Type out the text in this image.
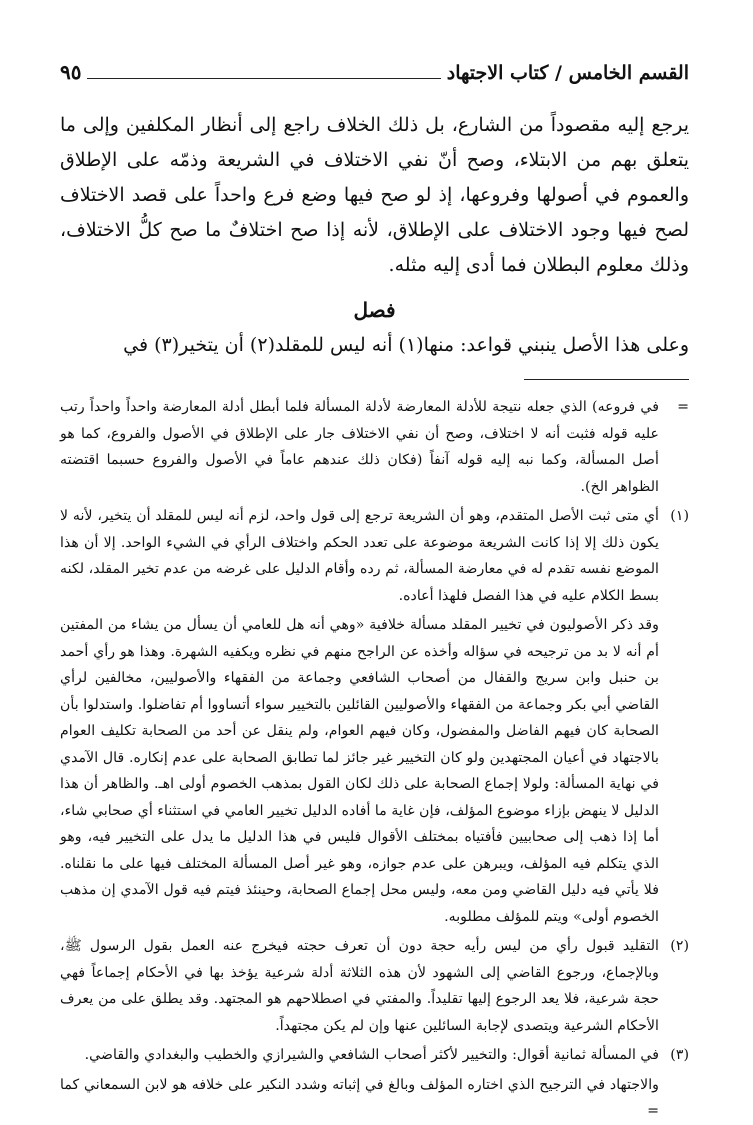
القسم الخامس / كتاب الاجتهاد
٩٥

يرجع إليه مقصوداً من الشارع، بل ذلك الخلاف راجع إلى أنظار المكلفين وإلى ما يتعلق بهم من الابتلاء، وصح أنّ نفي الاختلاف في الشريعة وذمّه على الإطلاق والعموم في أصولها وفروعها، إذ لو صح فيها وضع فرع واحداً على قصد الاختلاف لصح فيها وجود الاختلاف على الإطلاق، لأنه إذا صح اختلافٌ ما صح كلُّ الاختلاف، وذلك معلوم البطلان فما أدى إليه مثله.

فصل

وعلى هذا الأصل ينبني قواعد: منها(١) أنه ليس للمقلد(٢) أن يتخير(٣) في

=
في فروعه) الذي جعله نتيجة للأدلة المعارضة لأدلة المسألة فلما أبطل أدلة المعارضة واحداً واحداً رتب عليه قوله فثبت أنه لا اختلاف، وصح أن نفي الاختلاف جار على الإطلاق في الأصول والفروع، كما هو أصل المسألة، وكما نبه إليه قوله آنفاً (فكان ذلك عندهم عاماً في الأصول والفروع حسبما اقتضته الظواهر الخ).
(١)
أي متى ثبت الأصل المتقدم، وهو أن الشريعة ترجع إلى قول واحد، لزم أنه ليس للمقلد أن يتخير، لأنه لا يكون ذلك إلا إذا كانت الشريعة موضوعة على تعدد الحكم واختلاف الرأي في الشيء الواحد. إلا أن هذا الموضع نفسه تقدم له في معارضة المسألة، ثم رده وأقام الدليل على غرضه من عدم تخير المقلد، لكنه بسط الكلام عليه في هذا الفصل فلهذا أعاده.
وقد ذكر الأصوليون في تخيير المقلد مسألة خلافية «وهي أنه هل للعامي أن يسأل من يشاء من المفتين أم أنه لا بد من ترجيحه في سؤاله وأخذه عن الراجح منهم في نظره ويكفيه الشهرة. وهذا هو رأي أحمد بن حنبل وابن سريج والقفال من أصحاب الشافعي وجماعة من الفقهاء والأصوليين، مخالفين لرأي القاضي أبي بكر وجماعة من الفقهاء والأصوليين القائلين بالتخيير سواء أتساووا أم تفاضلوا. واستدلوا بأن الصحابة كان فيهم الفاضل والمفضول، وكان فيهم العوام، ولم ينقل عن أحد من الصحابة تكليف العوام بالاجتهاد في أعيان المجتهدين ولو كان التخيير غير جائز لما تطابق الصحابة على عدم إنكاره. قال الآمدي في نهاية المسألة: ولولا إجماع الصحابة على ذلك لكان القول بمذهب الخصوم أولى اهـ. والظاهر أن هذا الدليل لا ينهض بإزاء موضوع المؤلف، فإن غاية ما أفاده الدليل تخيير العامي في استثناء أي صحابي شاء، أما إذا ذهب إلى صحابيين فأفتياه بمختلف الأقوال فليس في هذا الدليل ما يدل على التخيير فيه، وهو الذي يتكلم فيه المؤلف، ويبرهن على عدم جوازه، وهو غير أصل المسألة المختلف فيها على ما نقلناه. فلا يأتي فيه دليل القاضي ومن معه، وليس محل إجماع الصحابة، وحينئذ فيتم فيه قول الآمدي إن مذهب الخصوم أولى» ويتم للمؤلف مطلوبه.
(٢)
التقليد قبول رأي من ليس رأيه حجة دون أن تعرف حجته فيخرج عنه العمل بقول الرسول ﷺ، وبالإجماع، ورجوع القاضي إلى الشهود لأن هذه الثلاثة أدلة شرعية يؤخذ بها في الأحكام إجماعاً فهي حجة شرعية، فلا يعد الرجوع إليها تقليداً. والمفتي في اصطلاحهم هو المجتهد. وقد يطلق على من يعرف الأحكام الشرعية ويتصدى لإجابة السائلين عنها وإن لم يكن مجتهداً.
(٣)
في المسألة ثمانية أقوال: والتخيير لأكثر أصحاب الشافعي والشيرازي والخطيب والبغدادي والقاضي.
والاجتهاد في الترجيح الذي اختاره المؤلف وبالغ في إثباته وشدد النكير على خلافه هو لابن السمعاني كما =
